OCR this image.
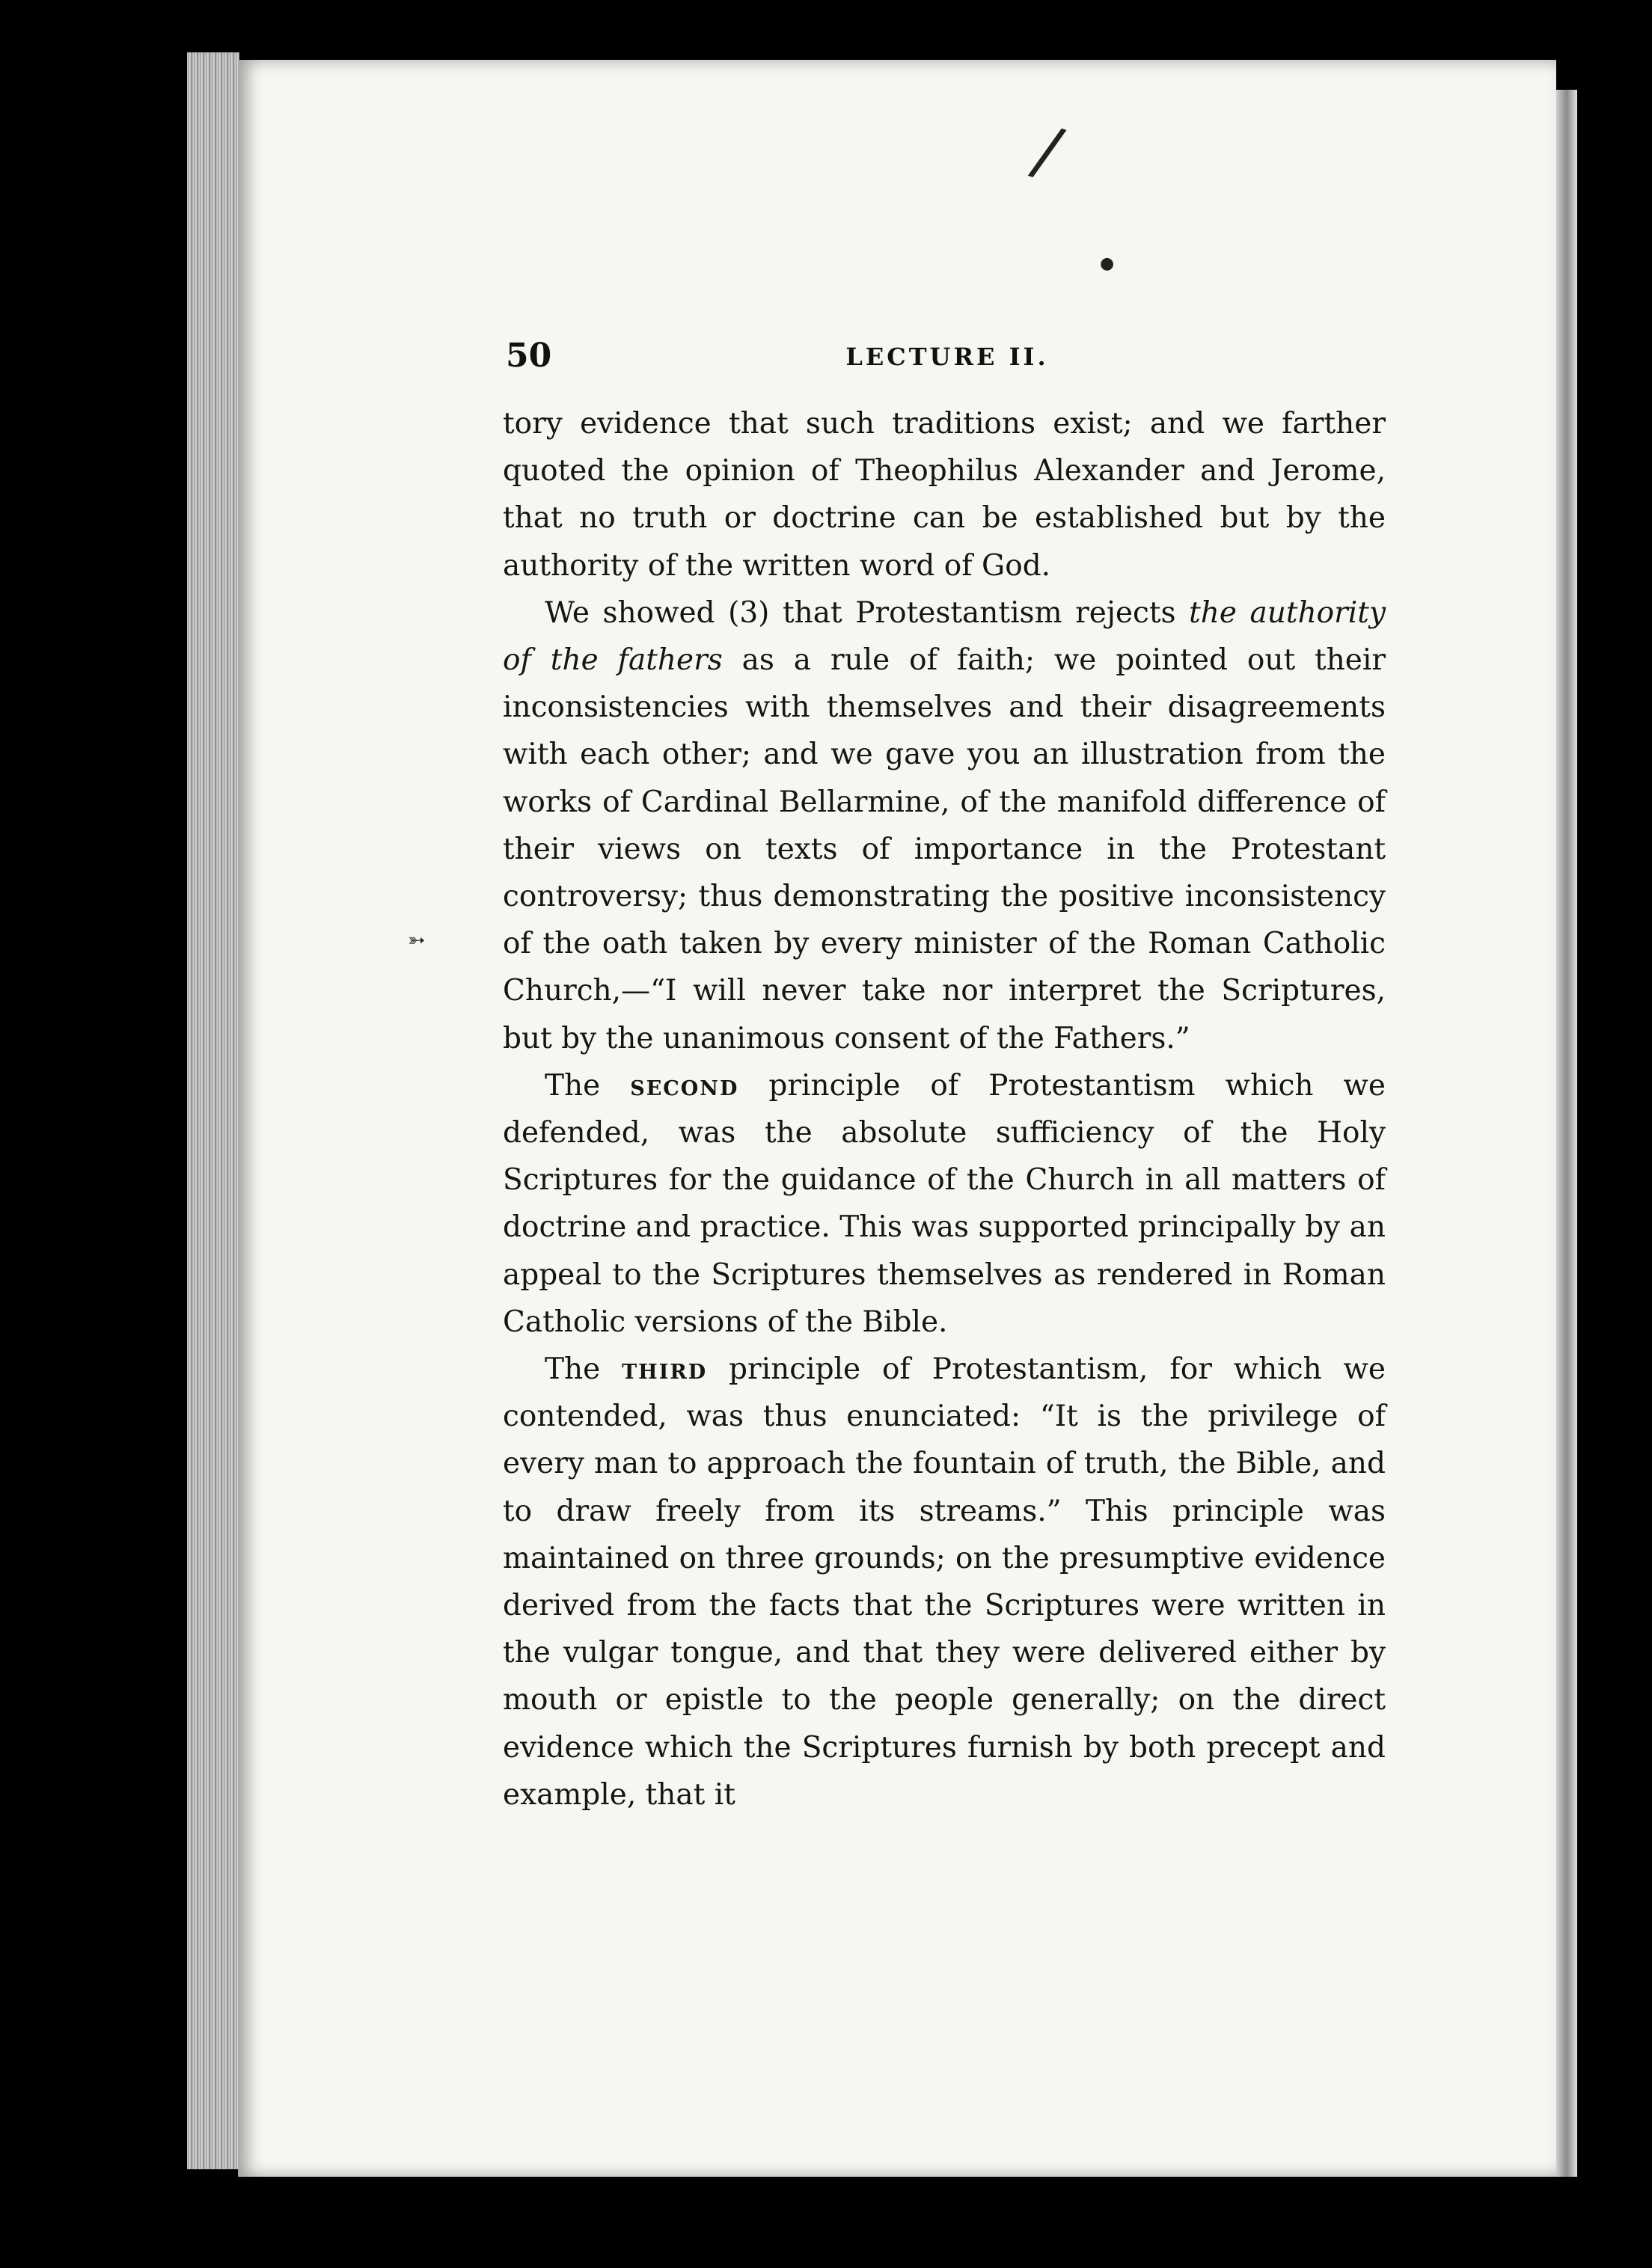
/
●
➳
50	LECTURE II.

tory evidence that such traditions exist; and we farther quoted the opinion of Theophilus Alexander and Jerome, that no truth or doctrine can be established but by the authority of the written word of God.

We showed (3) that Protestantism rejects the authority of the fathers as a rule of faith; we pointed out their inconsistencies with themselves and their disagreements with each other; and we gave you an illustration from the works of Cardinal Bellarmine, of the manifold difference of their views on texts of importance in the Protestant controversy; thus demonstrating the positive inconsistency of the oath taken by every minister of the Roman Catholic Church,—“I will never take nor interpret the Scriptures, but by the unanimous consent of the Fathers.”

The second principle of Protestantism which we defended, was the absolute sufficiency of the Holy Scriptures for the guidance of the Church in all matters of doctrine and practice. This was supported principally by an appeal to the Scriptures themselves as rendered in Roman Catholic versions of the Bible.

The third principle of Protestantism, for which we contended, was thus enunciated: “It is the privilege of every man to approach the fountain of truth, the Bible, and to draw freely from its streams.” This principle was maintained on three grounds; on the presumptive evidence derived from the facts that the Scriptures were written in the vulgar tongue, and that they were delivered either by mouth or epistle to the people generally; on the direct evidence which the Scriptures furnish by both precept and example, that it
